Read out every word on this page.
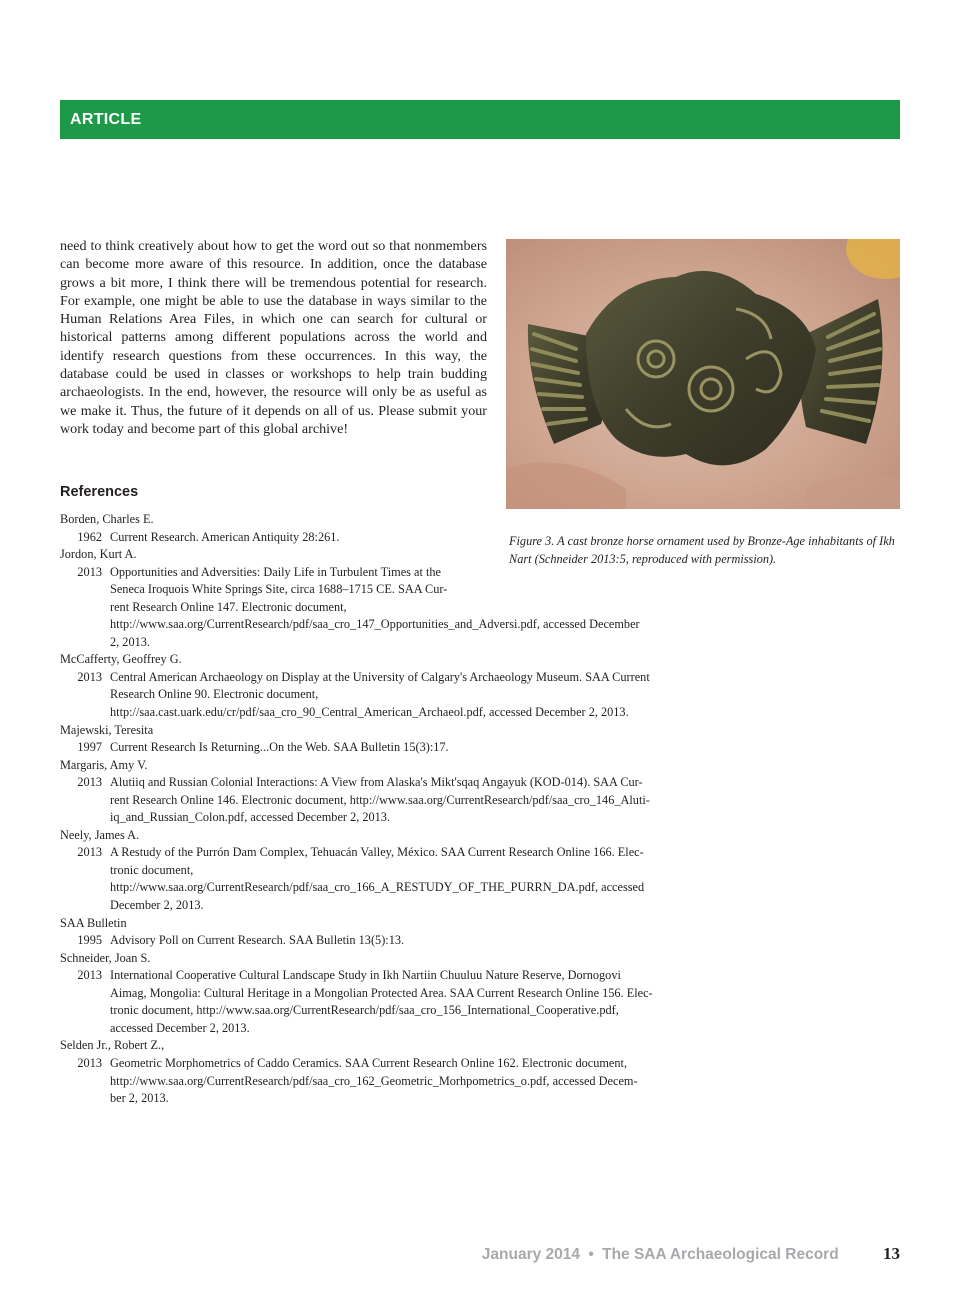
ARTICLE

need to think creatively about how to get the word out so that nonmembers can become more aware of this resource. In addition, once the database grows a bit more, I think there will be tremendous potential for research. For example, one might be able to use the database in ways similar to the Human Relations Area Files, in which one can search for cultural or historical patterns among different populations across the world and identify research questions from these occurrences. In this way, the database could be used in classes or workshops to help train budding archaeologists. In the end, however, the resource will only be as useful as we make it. Thus, the future of it depends on all of us. Please submit your work today and become part of this global archive!

Figure 3. A cast bronze horse ornament used by Bronze-Age inhabitants of Ikh Nart (Schneider 2013:5, reproduced with permission).

References

Borden, Charles E.

1962 Current Research. American Antiquity 28:261.

Jordon, Kurt A.

2013 Opportunities and Adversities: Daily Life in Turbulent Times at the
Seneca Iroquois White Springs Site, circa 1688–1715 CE. SAA Cur-
rent Research Online 147. Electronic document,
http://www.saa.org/CurrentResearch/pdf/saa_cro_147_Opportunities_and_Adversi.pdf, accessed December
2, 2013.

McCafferty, Geoffrey G.

2013 Central American Archaeology on Display at the University of Calgary's Archaeology Museum. SAA Current
Research Online 90. Electronic document,
http://saa.cast.uark.edu/cr/pdf/saa_cro_90_Central_American_Archaeol.pdf, accessed December 2, 2013.

Majewski, Teresita

1997 Current Research Is Returning...On the Web. SAA Bulletin 15(3):17.

Margaris, Amy V.

2013 Alutiiq and Russian Colonial Interactions: A View from Alaska's Mikt'sqaq Angayuk (KOD-014). SAA Cur-
rent Research Online 146. Electronic document, http://www.saa.org/CurrentResearch/pdf/saa_cro_146_Aluti-
iq_and_Russian_Colon.pdf, accessed December 2, 2013.

Neely, James A.

2013 A Restudy of the Purrón Dam Complex, Tehuacán Valley, México. SAA Current Research Online 166. Elec-
tronic document,
http://www.saa.org/CurrentResearch/pdf/saa_cro_166_A_RESTUDY_OF_THE_PURRN_DA.pdf, accessed
December 2, 2013.

SAA Bulletin

1995 Advisory Poll on Current Research. SAA Bulletin 13(5):13.

Schneider, Joan S.

2013 International Cooperative Cultural Landscape Study in Ikh Nartiin Chuuluu Nature Reserve, Dornogovi
Aimag, Mongolia: Cultural Heritage in a Mongolian Protected Area. SAA Current Research Online 156. Elec-
tronic document, http://www.saa.org/CurrentResearch/pdf/saa_cro_156_International_Cooperative.pdf,
accessed December 2, 2013.

Selden Jr., Robert Z.,

2013 Geometric Morphometrics of Caddo Ceramics. SAA Current Research Online 162. Electronic document,
http://www.saa.org/CurrentResearch/pdf/saa_cro_162_Geometric_Morhpometrics_o.pdf, accessed Decem-
ber 2, 2013.
January 2014 • The SAA Archaeological Record	13
